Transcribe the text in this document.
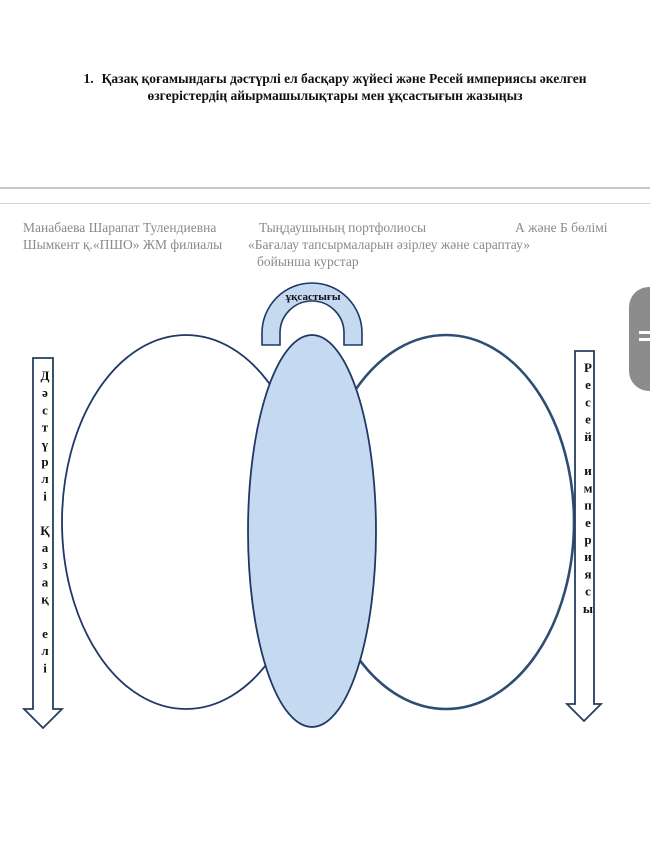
1. Қазақ қоғамындағы дәстүрлі ел басқару жүйесі және Ресей империясы әкелген
өзгерістердің айырмашылықтары мен ұқсастығын жазыңыз
Манабаева Шарапат Тулендиевна
Шымкент қ.«ПШО» ЖМ филиалы
Тыңдаушының портфолиосы
«Бағалау тапсырмаларын әзірлеу және сараптау»
бойынша курстар
А және Б бөлімі
ұқсастығы
Д
ә
с
т
ү
р
л
і
Қ
а
з
а
қ
е
л
і
Р
е
с
е
й
и
м
п
е
р
и
я
с
ы
